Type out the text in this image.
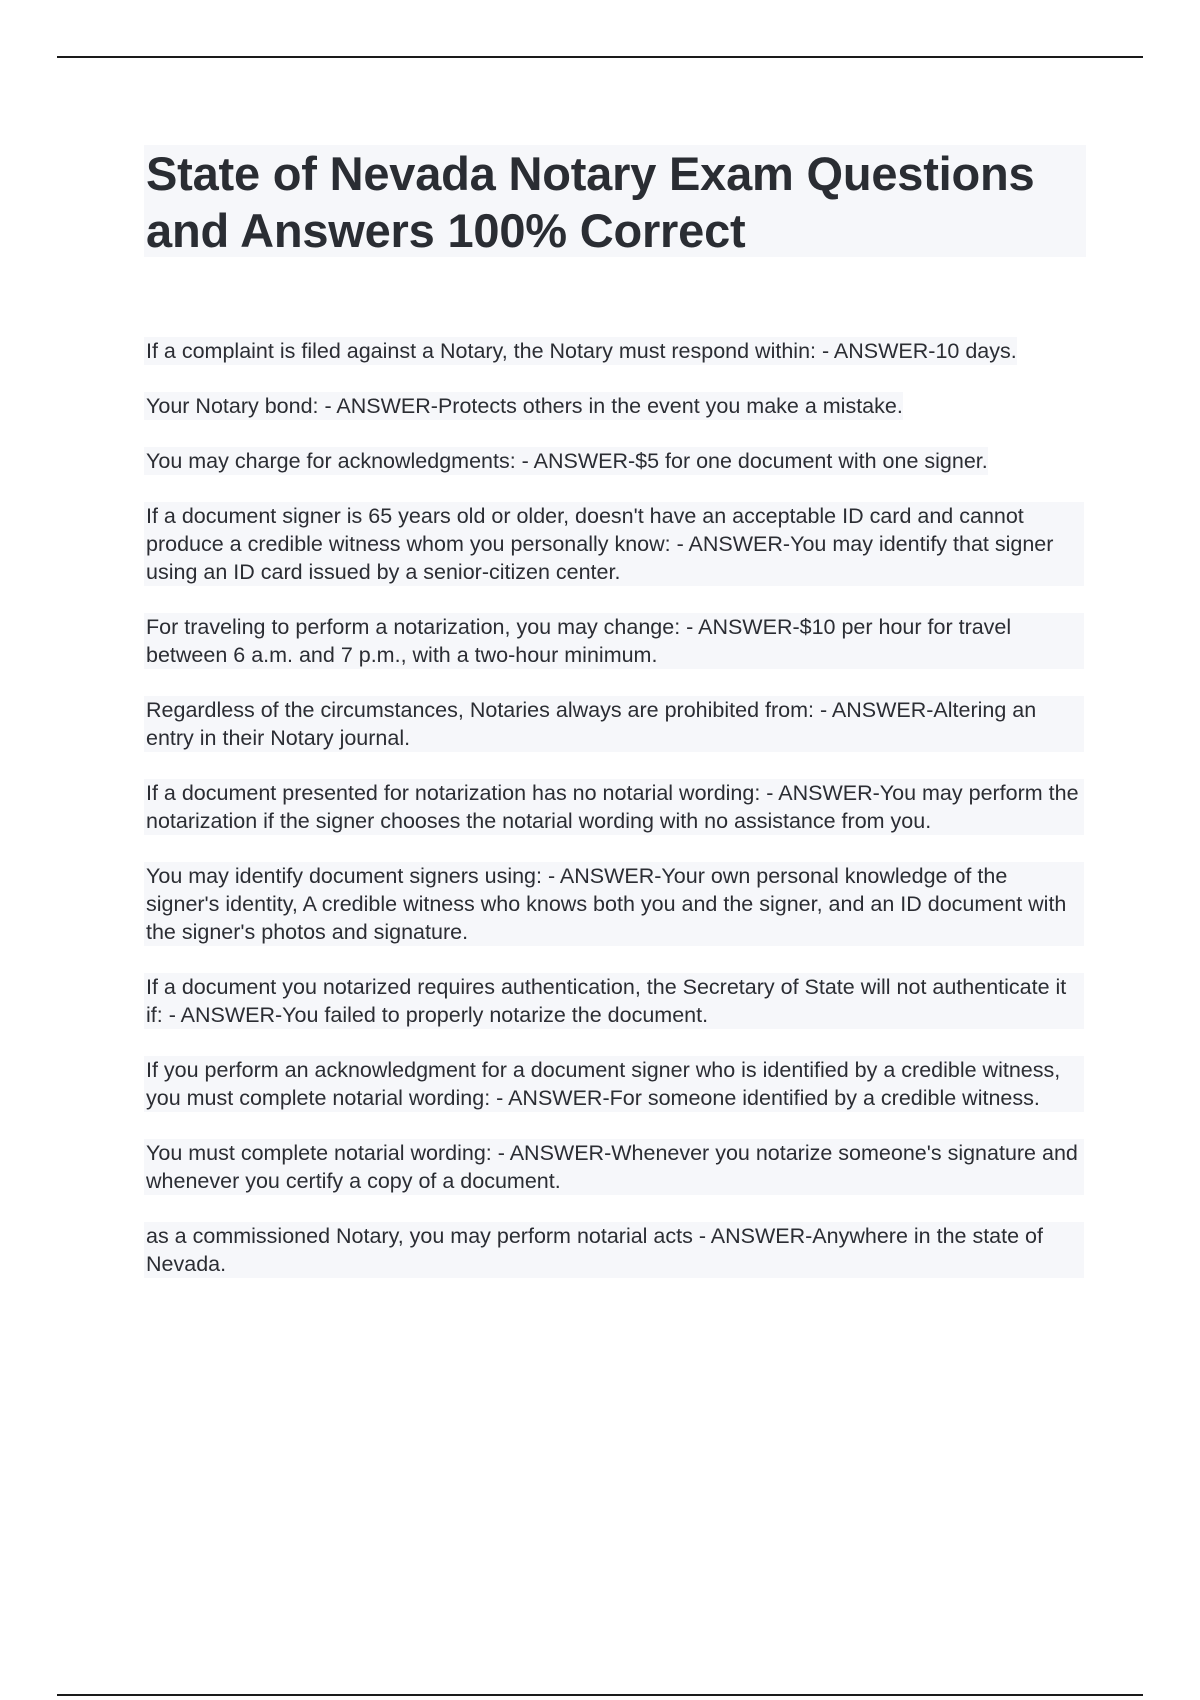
State of Nevada Notary Exam Questions and Answers 100% Correct
If a complaint is filed against a Notary, the Notary must respond within: - ANSWER-10 days.
Your Notary bond: - ANSWER-Protects others in the event you make a mistake.
You may charge for acknowledgments: - ANSWER-$5 for one document with one signer.
If a document signer is 65 years old or older, doesn't have an acceptable ID card and cannot produce a credible witness whom you personally know: - ANSWER-You may identify that signer using an ID card issued by a senior-citizen center.
For traveling to perform a notarization, you may change: - ANSWER-$10 per hour for travel between 6 a.m. and 7 p.m., with a two-hour minimum.
Regardless of the circumstances, Notaries always are prohibited from: - ANSWER-Altering an entry in their Notary journal.
If a document presented for notarization has no notarial wording: - ANSWER-You may perform the notarization if the signer chooses the notarial wording with no assistance from you.
You may identify document signers using: - ANSWER-Your own personal knowledge of the signer's identity, A credible witness who knows both you and the signer, and an ID document with the signer's photos and signature.
If a document you notarized requires authentication, the Secretary of State will not authenticate it if: - ANSWER-You failed to properly notarize the document.
If you perform an acknowledgment for a document signer who is identified by a credible witness, you must complete notarial wording: - ANSWER-For someone identified by a credible witness.
You must complete notarial wording: - ANSWER-Whenever you notarize someone's signature and whenever you certify a copy of a document.
as a commissioned Notary, you may perform notarial acts - ANSWER-Anywhere in the state of Nevada.
